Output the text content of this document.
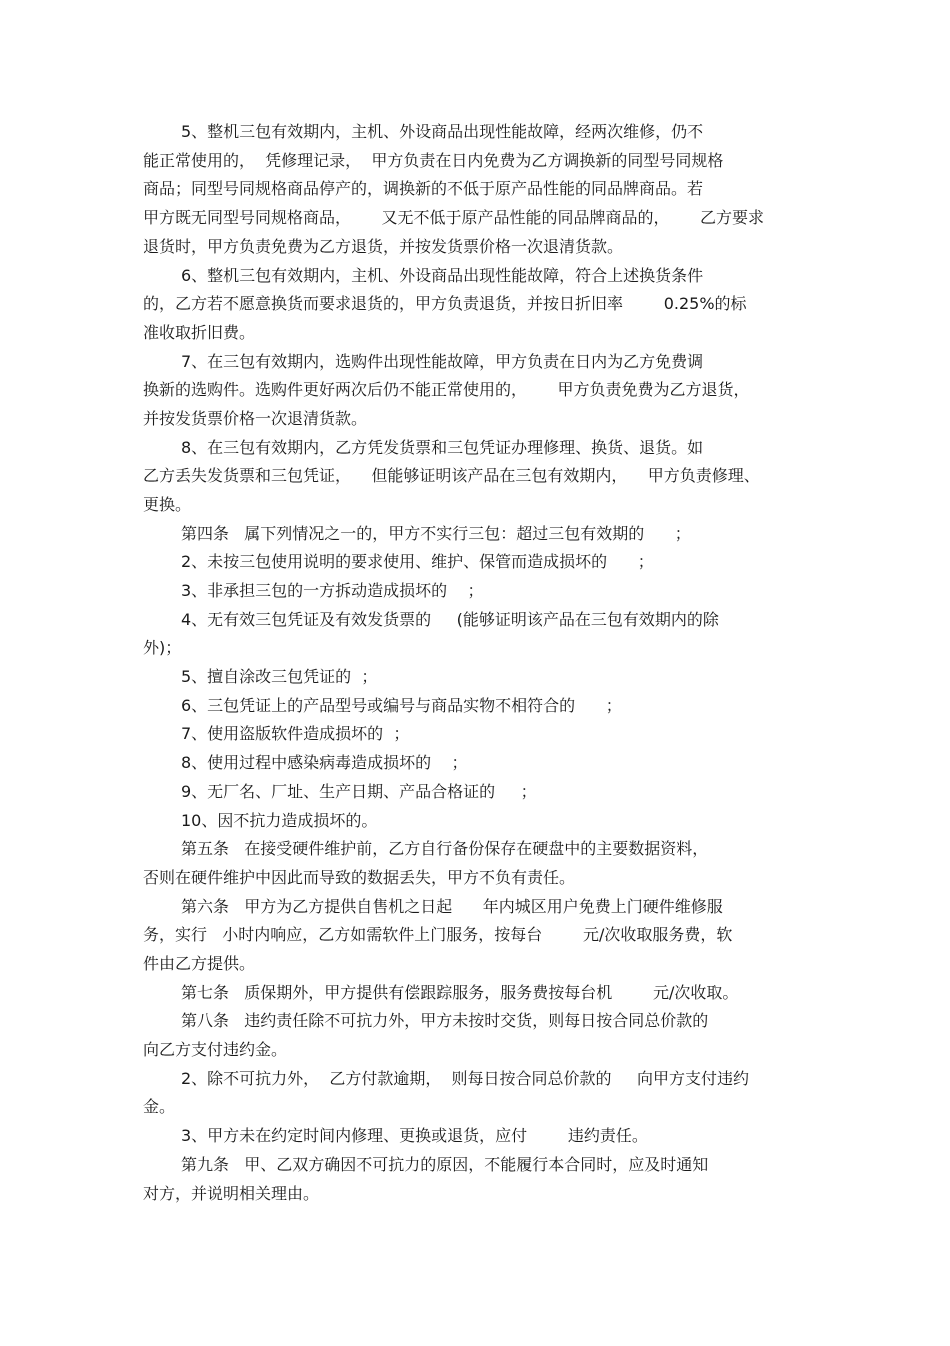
5、整机三包有效期内，主机、外设商品出现性能故障，经两次维修，仍不
能正常使用的，  凭修理记录，  甲方负责在日内免费为乙方调换新的同型号同规格
商品；同型号同规格商品停产的，调换新的不低于原产品性能的同品牌商品。若
甲方既无同型号同规格商品，      又无不低于原产品性能的同品牌商品的，      乙方要求
退货时，甲方负责免费为乙方退货，并按发货票价格一次退清货款。
6、整机三包有效期内，主机、外设商品出现性能故障，符合上述换货条件
的，乙方若不愿意换货而要求退货的，甲方负责退货，并按日折旧率        0.25%的标
准收取折旧费。
7、在三包有效期内，选购件出现性能故障，甲方负责在日内为乙方免费调
换新的选购件。选购件更好两次后仍不能正常使用的，      甲方负责免费为乙方退货，
并按发货票价格一次退清货款。
8、在三包有效期内，乙方凭发货票和三包凭证办理修理、换货、退货。如
乙方丢失发货票和三包凭证，    但能够证明该产品在三包有效期内，    甲方负责修理、
更换。
第四条   属下列情况之一的，甲方不实行三包：超过三包有效期的      ；
2、未按三包使用说明的要求使用、维护、保管而造成损坏的      ；
3、非承担三包的一方拆动造成损坏的    ；
4、无有效三包凭证及有效发货票的     (能够证明该产品在三包有效期内的除
外)；
5、擅自涂改三包凭证的  ；
6、三包凭证上的产品型号或编号与商品实物不相符合的      ；
7、使用盗版软件造成损坏的  ；
8、使用过程中感染病毒造成损坏的    ；
9、无厂名、厂址、生产日期、产品合格证的     ；
10、因不抗力造成损坏的。
第五条   在接受硬件维护前，乙方自行备份保存在硬盘中的主要数据资料，
否则在硬件维护中因此而导致的数据丢失，甲方不负有责任。
第六条   甲方为乙方提供自售机之日起      年内城区用户免费上门硬件维修服
务，实行   小时内响应，乙方如需软件上门服务，按每台        元/次收取服务费，软
件由乙方提供。
第七条   质保期外，甲方提供有偿跟踪服务，服务费按每台机        元/次收取。
第八条   违约责任除不可抗力外，甲方未按时交货，则每日按合同总价款的
向乙方支付违约金。
2、除不可抗力外，  乙方付款逾期，  则每日按合同总价款的     向甲方支付违约
金。
3、甲方未在约定时间内修理、更换或退货，应付        违约责任。
第九条   甲、乙双方确因不可抗力的原因，不能履行本合同时，应及时通知
对方，并说明相关理由。
